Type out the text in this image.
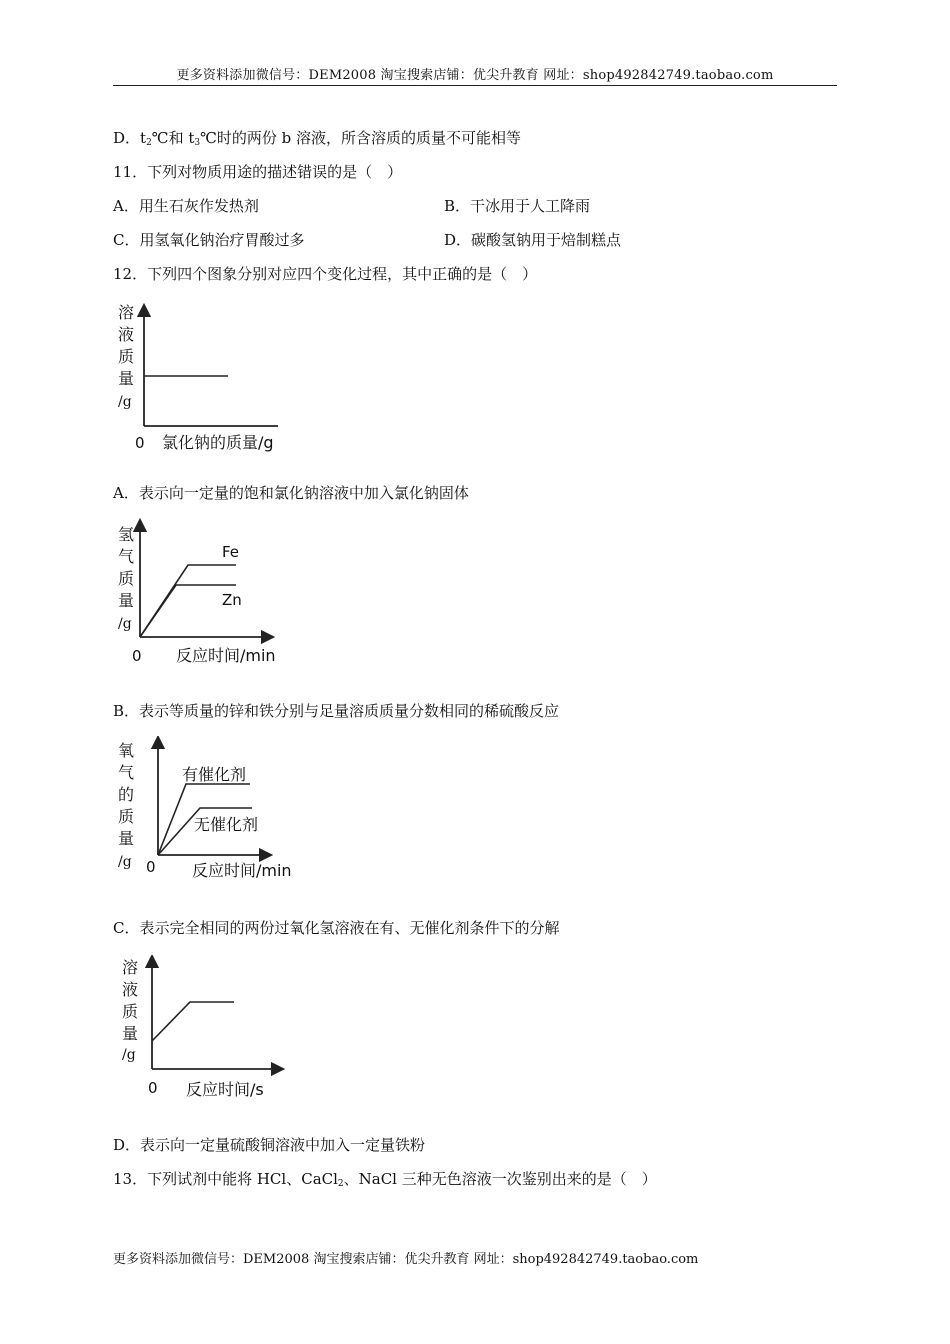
更多资料添加微信号：DEM2008 淘宝搜索店铺：优尖升教育 网址：shop492842749.taobao.com
D．$t_2℃$和 $t_3℃$时的两份 b 溶液，所含溶质的质量不可能相等
11．下列对物质用途的描述错误的是（　）
A．用生石灰作发热剂	B．干冰用于人工降雨
C．用氢氧化钠治疗胃酸过多	D．碳酸氢钠用于焙制糕点
12．下列四个图象分别对应四个变化过程，其中正确的是（　）
溶
液
质
量
/g
0 氯化钠的质量/g
A．表示向一定量的饱和氯化钠溶液中加入氯化钠固体
Fe
Zn
氢
气
质
量
/g
0 反应时间/min
B．表示等质量的锌和铁分别与足量溶质质量分数相同的稀硫酸反应
有催化剂
无催化剂
氧
气
的
质
量
/g 0 反应时间/min
C．表示完全相同的两份过氧化氢溶液在有、无催化剂条件下的分解
溶
液
质
量
/g
0 反应时间/s
D．表示向一定量硫酸铜溶液中加入一定量铁粉
13．下列试剂中能将 HCl、CaCl$_2$、NaCl 三种无色溶液一次鉴别出来的是（　）
更多资料添加微信号：DEM2008 淘宝搜索店铺：优尖升教育 网址：shop492842749.taobao.com
